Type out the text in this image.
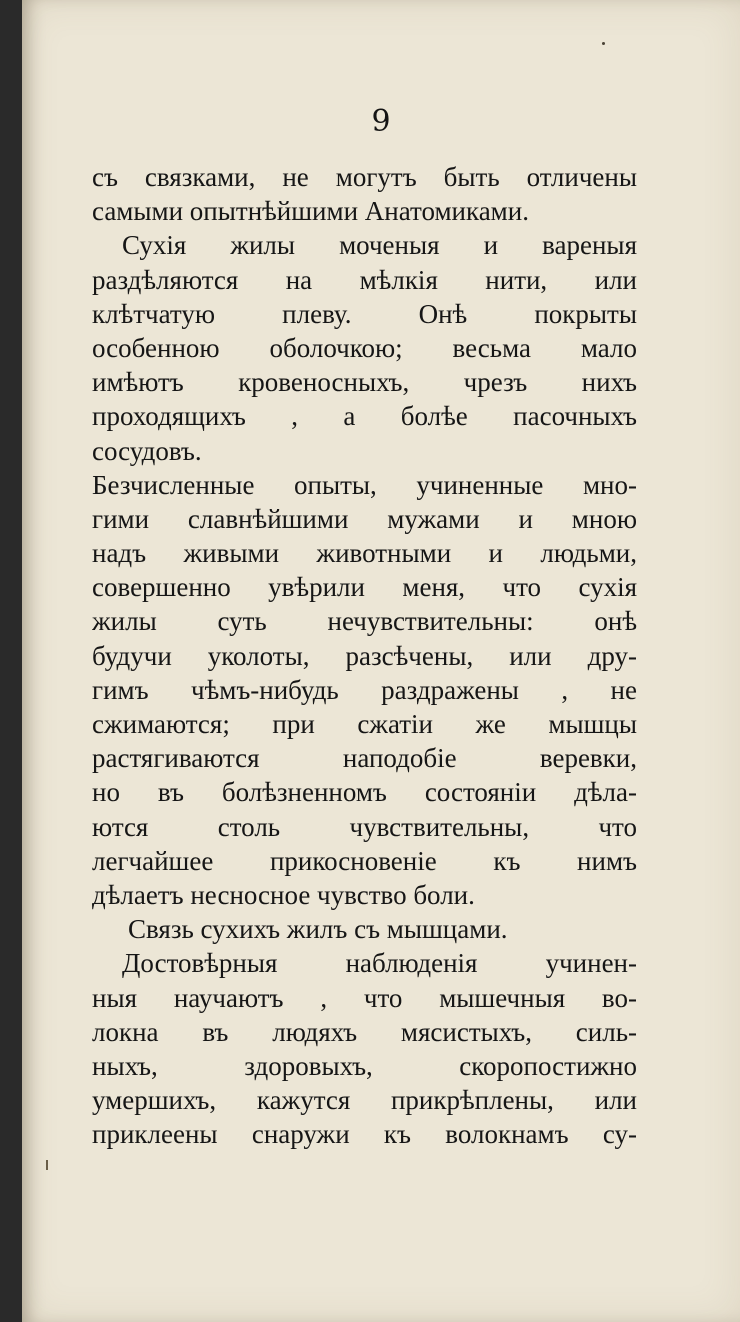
9
съ связками, не могутъ быть отличены
самыми опытнѣйшими Анатомиками.
Сухія жилы моченыя и вареныя
раздѣляются на мѣлкія нити, или
клѣтчатую плеву. Онѣ покрыты
особенною оболочкою; весьма мало
имѣютъ кровеносныхъ, чрезъ нихъ
проходящихъ , а болѣе пасочныхъ
сосудовъ.
Безчисленные опыты, учиненные мно-
гими славнѣйшими мужами и мною
надъ живыми животными и людьми,
совершенно увѣрили меня, что сухія
жилы суть нечувствительны: онѣ
будучи уколоты, разсѣчены, или дру-
гимъ чѣмъ-нибудь раздражены , не
сжимаются; при сжатіи же мышцы
растягиваются наподобіе веревки,
но въ болѣзненномъ состояніи дѣла-
ются столь чувствительны, что
легчайшее прикосновеніе къ нимъ
дѣлаетъ несносное чувство боли.
Связь сухихъ жилъ съ мышцами.
Достовѣрныя наблюденія учинен-
ныя научаютъ , что мышечныя во-
локна въ людяхъ мясистыхъ, силь-
ныхъ, здоровыхъ, скоропостижно
умершихъ, кажутся прикрѣплены, или
приклеены снаружи къ волокнамъ су-
